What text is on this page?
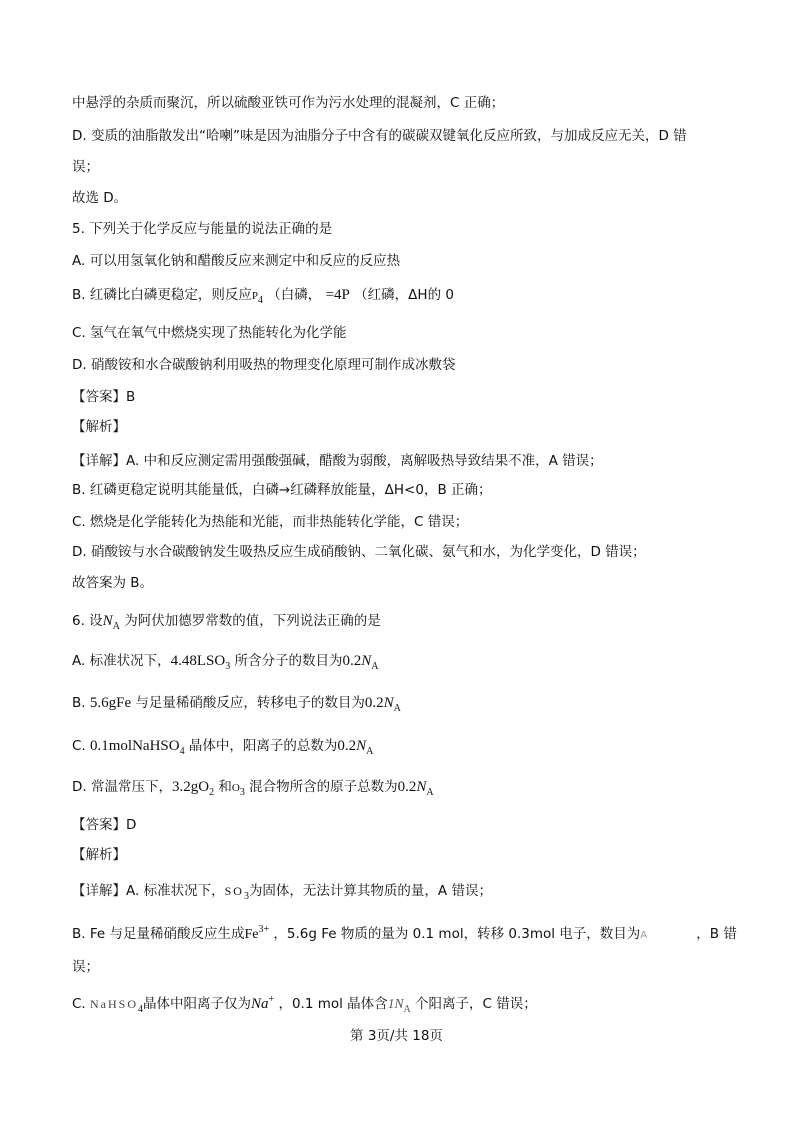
中悬浮的杂质而聚沉，所以硫酸亚铁可作为污水处理的混凝剂，C 正确；
D. 变质的油脂散发出“哈喇”味是因为油脂分子中含有的碳碳双键氧化反应所致，与加成反应无关，D 错
误；
故选 D。
5. 下列关于化学反应与能量的说法正确的是
A. 可以用氢氧化钠和醋酸反应来测定中和反应的反应热
B. 红磷比白磷更稳定，则反应P4 （白磷， =4P （红磷，ΔH的 0
C. 氢气在氧气中燃烧实现了热能转化为化学能
D. 硝酸铵和水合碳酸钠利用吸热的物理变化原理可制作成冰敷袋
【答案】B
【解析】
【详解】A. 中和反应测定需用强酸强碱，醋酸为弱酸，离解吸热导致结果不准，A 错误；
B. 红磷更稳定说明其能量低，白磷→红磷释放能量，ΔH<0，B 正确；
C. 燃烧是化学能转化为热能和光能，而非热能转化学能，C 错误；
D. 硝酸铵与水合碳酸钠发生吸热反应生成硝酸钠、二氧化碳、氨气和水，为化学变化，D 错误；
故答案为 B。
6. 设$N_A$ 为阿伏加德罗常数的值，下列说法正确的是
A. 标准状况下，$4.48LSO_3$ 所含分子的数目为$0.2N_A$
B. 5.6gFe 与足量稀硝酸反应，转移电子的数目为$0.2N_A$
C. 0.1molNaHSO$_4$ 晶体中，阳离子的总数为$0.2N_A$
D. 常温常压下，$3.2gO_2$ 和$O_3$ 混合物所含的原子总数为$0.2N_A$
【答案】D
【解析】
【详解】A. 标准状况下，$SO_3$为固体，无法计算其物质的量，A 错误；
B. Fe 与足量稀硝酸反应生成$Fe^{3+}$ ，5.6g Fe 物质的量为 0.1 mol，转移 0.3mol 电子，数目为A	，B 错
误；
C. NaHSO$_4$晶体中阳离子仅为Na+ ，0.1 mol 晶体含$1N_A$ 个阳离子，C 错误；
第 3页/共 18页
